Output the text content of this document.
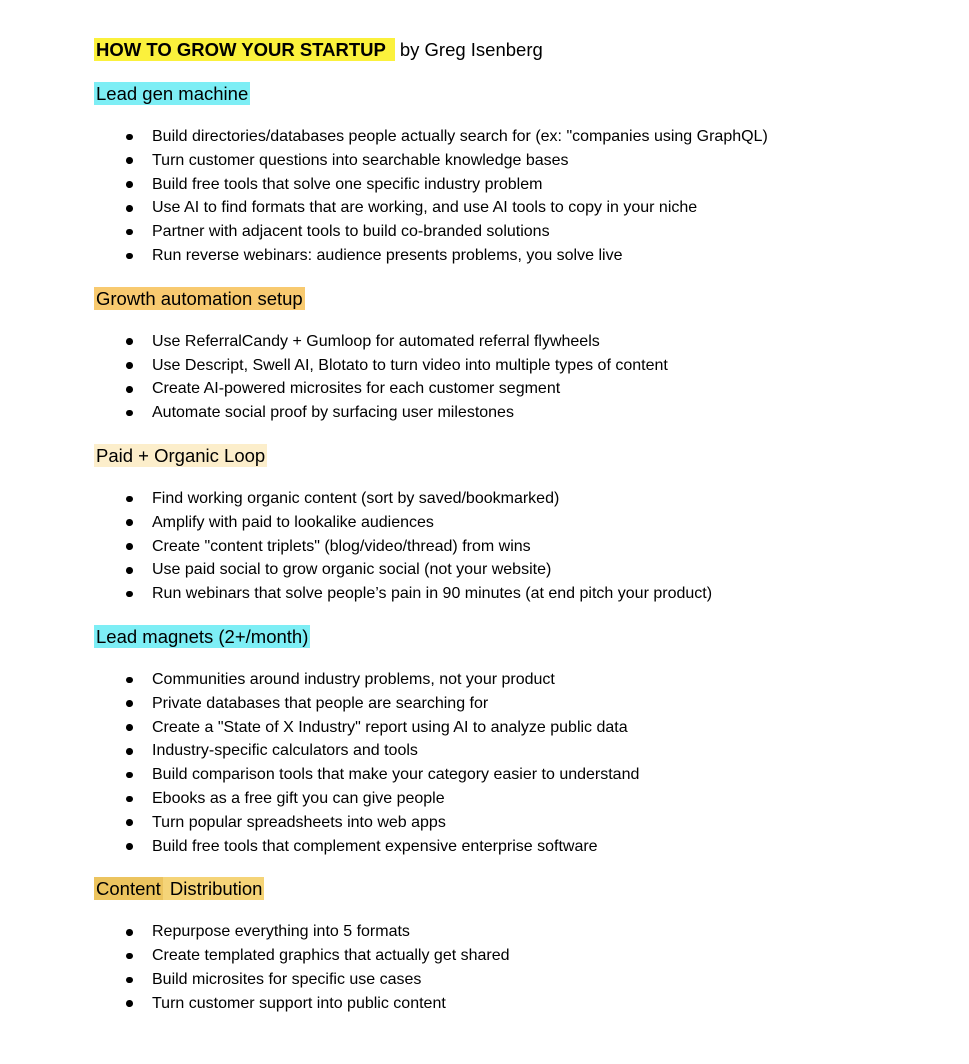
HOW TO GROW YOUR STARTUP by Greg Isenberg

Lead gen machine
Build directories/databases people actually search for (ex: "companies using GraphQL)
Turn customer questions into searchable knowledge bases
Build free tools that solve one specific industry problem
Use AI to find formats that are working, and use AI tools to copy in your niche
Partner with adjacent tools to build co-branded solutions
Run reverse webinars: audience presents problems, you solve live
Growth automation setup
Use ReferralCandy + Gumloop for automated referral flywheels
Use Descript, Swell AI, Blotato to turn video into multiple types of content
Create AI-powered microsites for each customer segment
Automate social proof by surfacing user milestones
Paid + Organic Loop
Find working organic content (sort by saved/bookmarked)
Amplify with paid to lookalike audiences
Create "content triplets" (blog/video/thread) from wins
Use paid social to grow organic social (not your website)
Run webinars that solve people’s pain in 90 minutes (at end pitch your product)
Lead magnets (2+/month)
Communities around industry problems, not your product
Private databases that people are searching for
Create a "State of X Industry" report using AI to analyze public data
Industry-specific calculators and tools
Build comparison tools that make your category easier to understand
Ebooks as a free gift you can give people
Turn popular spreadsheets into web apps
Build free tools that complement expensive enterprise software
Content Distribution
Repurpose everything into 5 formats
Create templated graphics that actually get shared
Build microsites for specific use cases
Turn customer support into public content
